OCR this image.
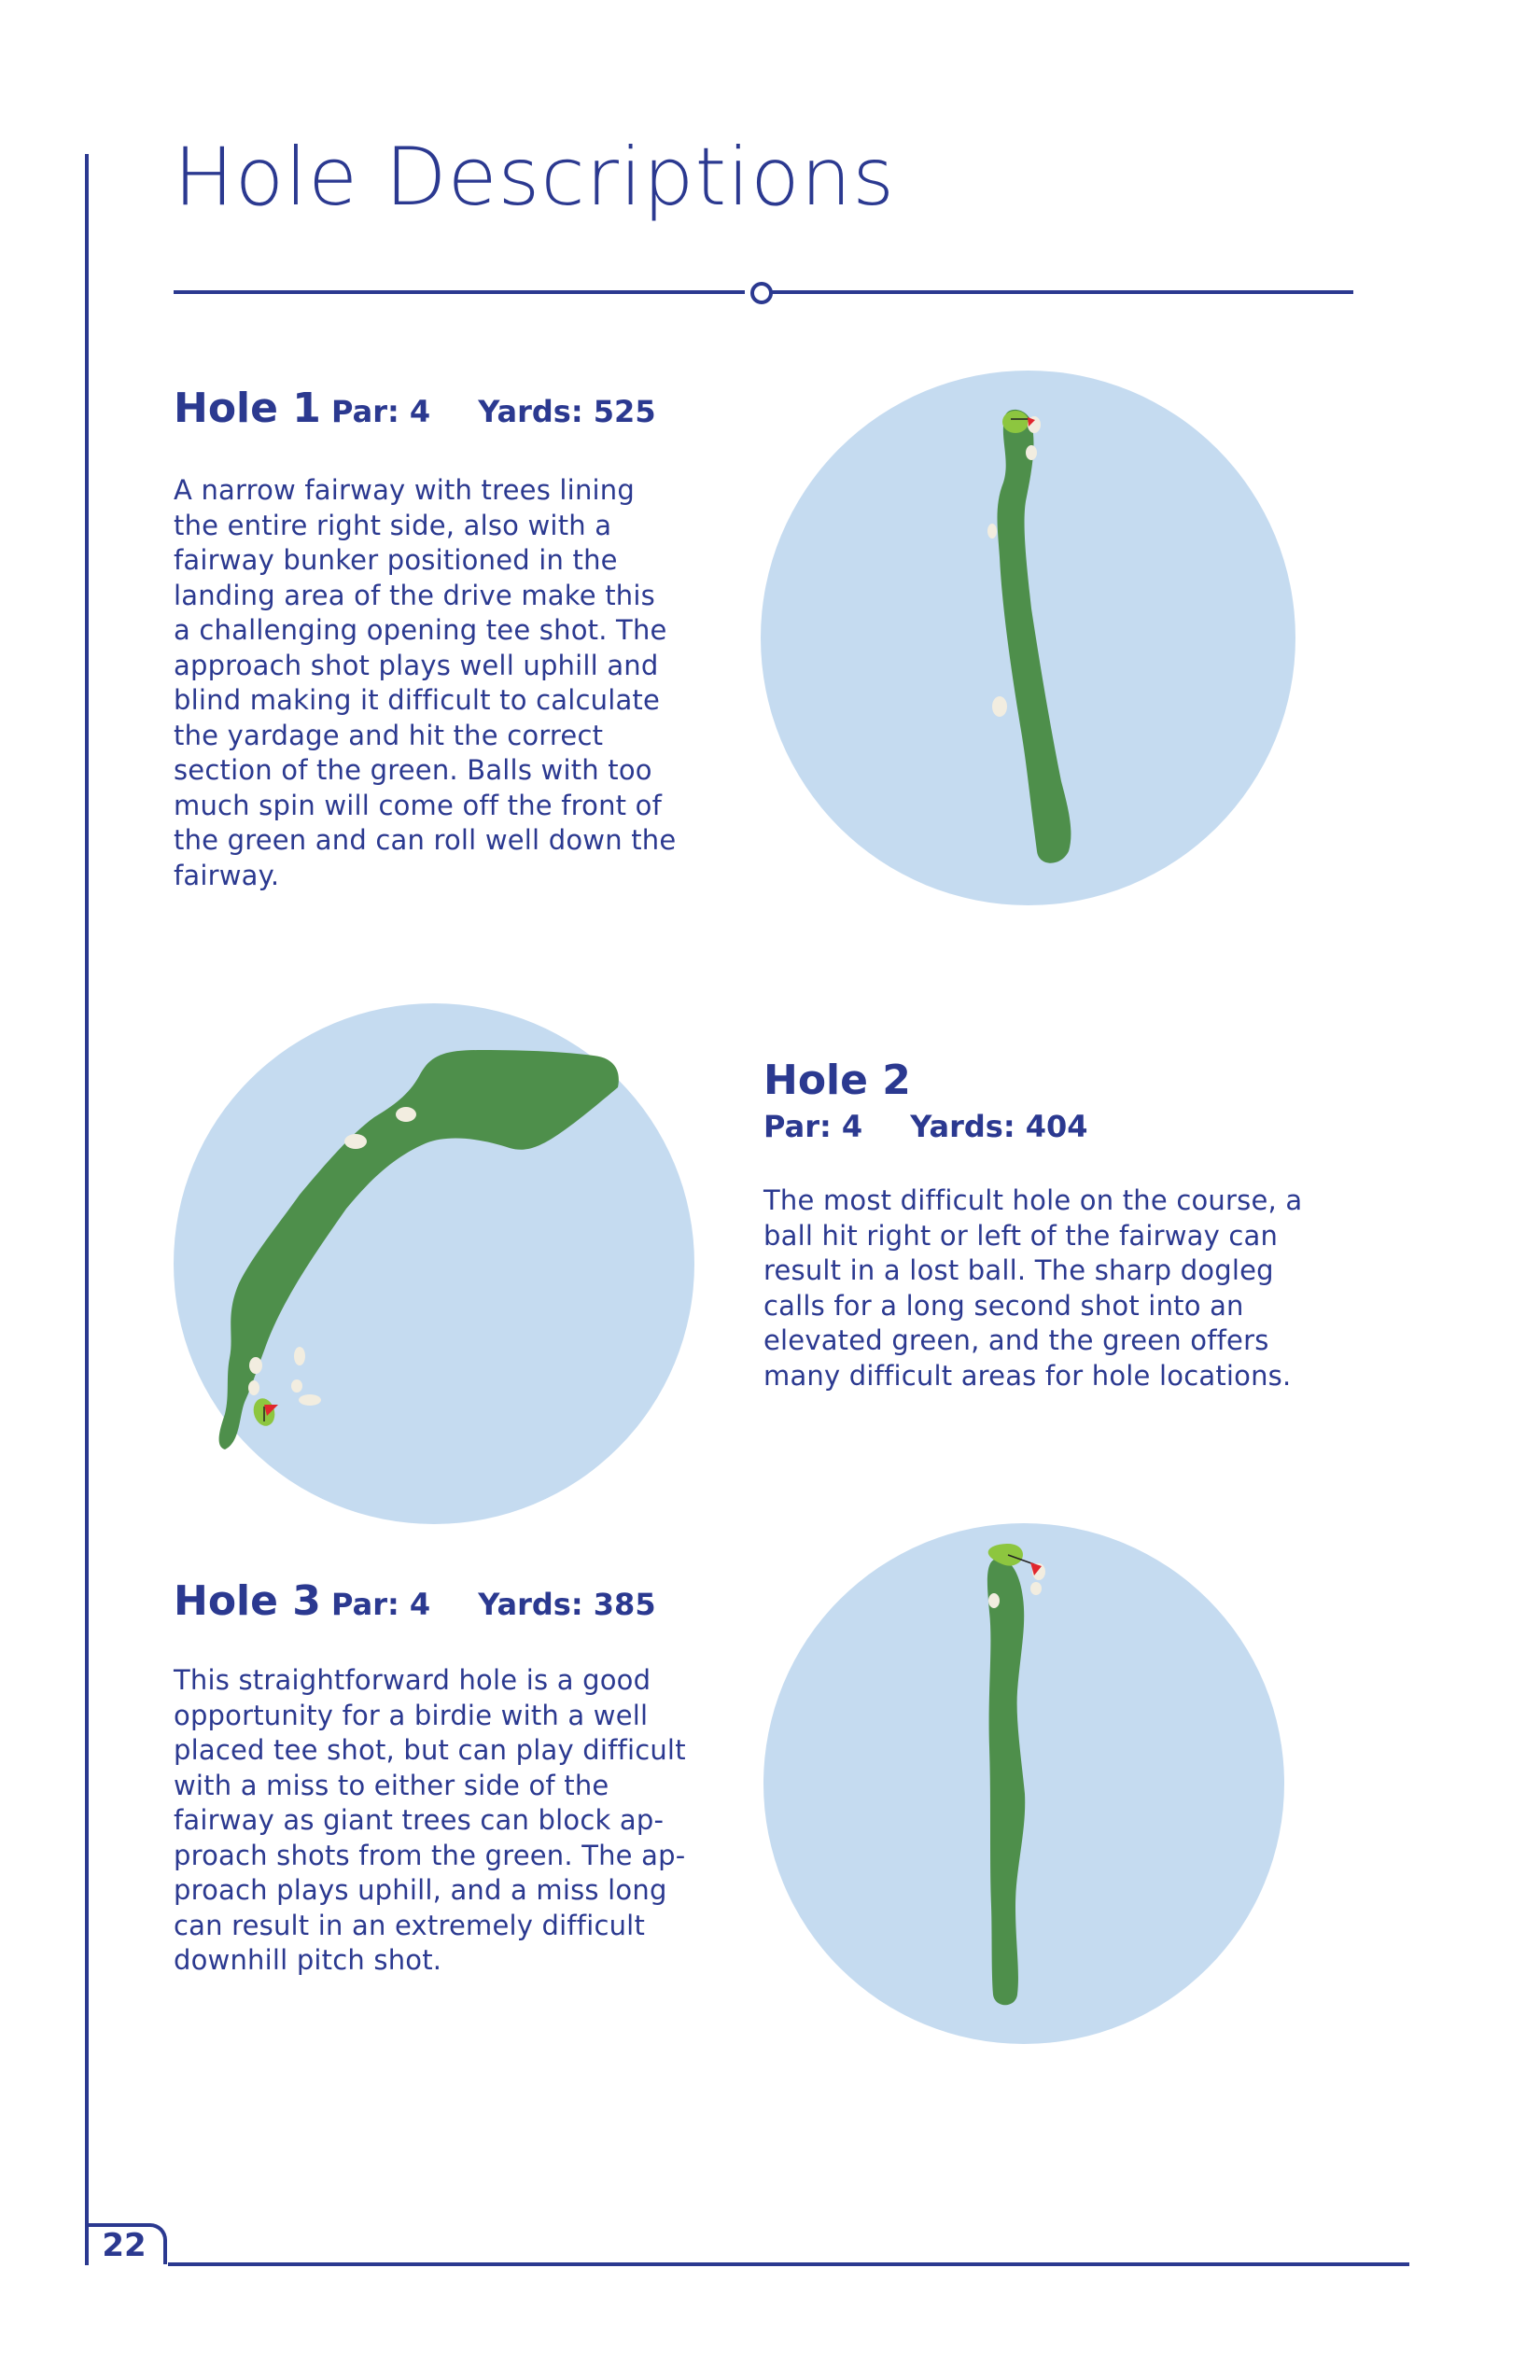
22
Hole Descriptions
Hole 1 Par: 4 Yards: 525
A narrow fairway with trees lining
the entire right side, also with a
fairway bunker positioned in the
landing area of the drive make this
a challenging opening tee shot. The
approach shot plays well uphill and
blind making it difficult to calculate
the yardage and hit the correct
section of the green. Balls with too
much spin will come off the front of
the green and can roll well down the
fairway.
Hole 2
Par: 4 Yards: 404
The most difficult hole on the course, a
ball hit right or left of the fairway can
result in a lost ball. The sharp dogleg
calls for a long second shot into an
elevated green, and the green offers
many difficult areas for hole locations.
Hole 3 Par: 4 Yards: 385
This straightforward hole is a good
opportunity for a birdie with a well
placed tee shot, but can play difficult
with a miss to either side of the
fairway as giant trees can block ap-
proach shots from the green. The ap-
proach plays uphill, and a miss long
can result in an extremely difficult
downhill pitch shot.
